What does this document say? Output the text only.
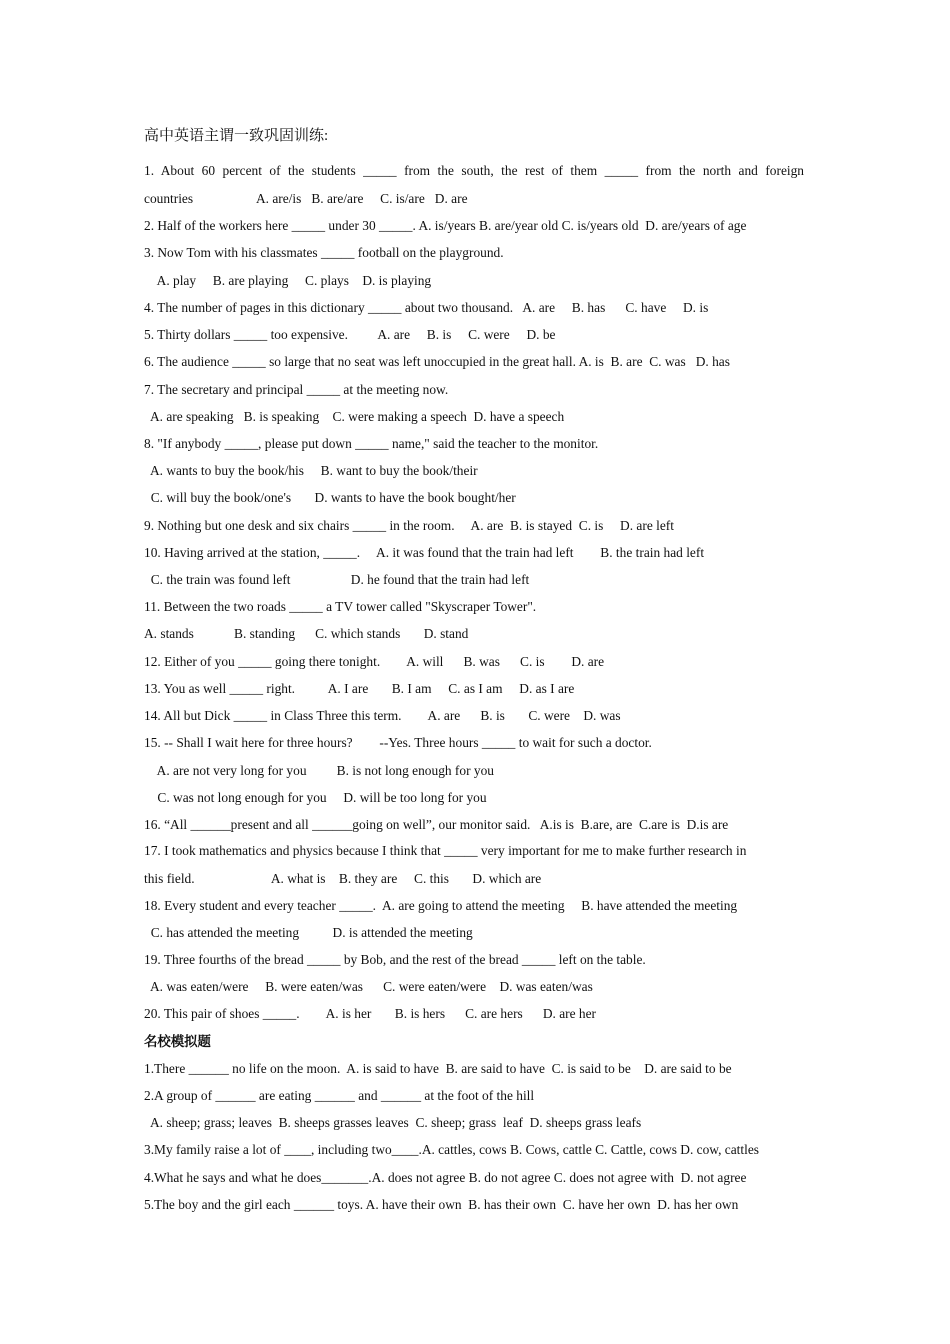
高中英语主谓一致巩固训练:
1. About 60 percent of the students _____ from the south, the rest of them _____ from the north and foreign
countries                   A. are/is   B. are/are     C. is/are   D. are
2. Half of the workers here _____ under 30 _____. A. is/years B. are/year old C. is/years old  D. are/years of age
3. Now Tom with his classmates _____ football on the playground.
A. play     B. are playing     C. plays    D. is playing
4. The number of pages in this dictionary _____ about two thousand.   A. are     B. has      C. have     D. is
5. Thirty dollars _____ too expensive.         A. are     B. is     C. were     D. be
6. The audience _____ so large that no seat was left unoccupied in the great hall. A. is  B. are  C. was   D. has
7. The secretary and principal _____ at the meeting now.
A. are speaking   B. is speaking    C. were making a speech  D. have a speech
8. "If anybody _____, please put down _____ name," said the teacher to the monitor.
A. wants to buy the book/his     B. want to buy the book/their
C. will buy the book/one's       D. wants to have the book bought/her
9. Nothing but one desk and six chairs _____ in the room.     A. are  B. is stayed  C. is     D. are left
10. Having arrived at the station, _____.     A. it was found that the train had left        B. the train had left
C. the train was found left                  D. he found that the train had left
11. Between the two roads _____ a TV tower called "Skyscraper Tower".
A. stands            B. standing      C. which stands       D. stand
12. Either of you _____ going there tonight.        A. will      B. was      C. is        D. are
13. You as well _____ right.          A. I are       B. I am     C. as I am     D. as I are
14. All but Dick _____ in Class Three this term.        A. are      B. is       C. were    D. was
15. -- Shall I wait here for three hours?        --Yes. Three hours _____ to wait for such a doctor.
A. are not very long for you         B. is not long enough for you
C. was not long enough for you     D. will be too long for you
16. “All ______present and all ______going on well”, our monitor said.   A.is is  B.are, are  C.are is  D.is are
17. I took mathematics and physics because I think that _____ very important for me to make further research in
this field.                       A. what is    B. they are     C. this       D. which are
18. Every student and every teacher _____.  A. are going to attend the meeting     B. have attended the meeting
C. has attended the meeting          D. is attended the meeting
19. Three fourths of the bread _____ by Bob, and the rest of the bread _____ left on the table.
A. was eaten/were     B. were eaten/was      C. were eaten/were    D. was eaten/was
20. This pair of shoes _____.        A. is her       B. is hers      C. are hers      D. are her
名校模拟题
1.There ______ no life on the moon.  A. is said to have  B. are said to have  C. is said to be    D. are said to be
2.A group of ______ are eating ______ and ______ at the foot of the hill
A. sheep; grass; leaves  B. sheeps grasses leaves  C. sheep; grass  leaf  D. sheeps grass leafs
3.My family raise a lot of ____, including two____.A. cattles, cows B. Cows, cattle C. Cattle, cows D. cow, cattles
4.What he says and what he does_______.A. does not agree B. do not agree C. does not agree with  D. not agree
5.The boy and the girl each ______ toys. A. have their own  B. has their own  C. have her own  D. has her own
